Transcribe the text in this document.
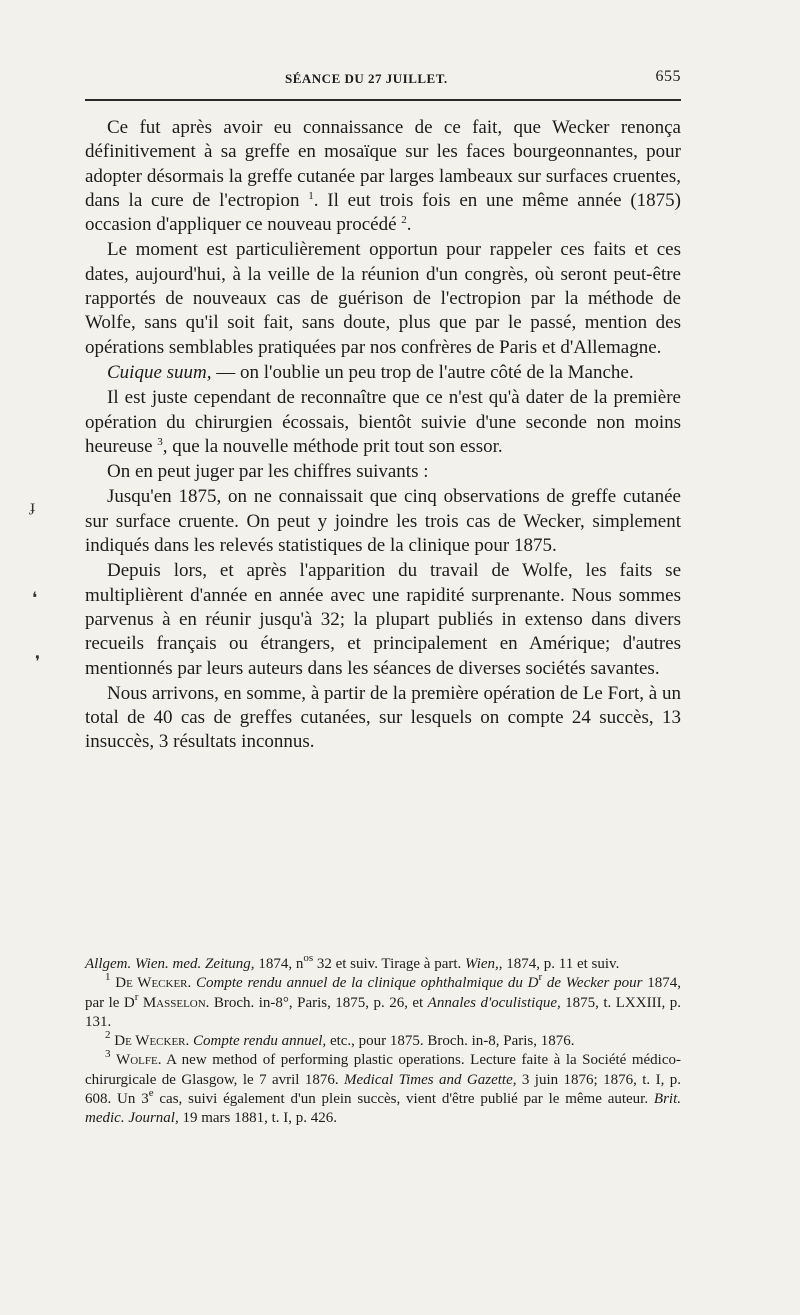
SÉANCE DU 27 JUILLET.	655

Ce fut après avoir eu connaissance de ce fait, que Wecker renonça définitivement à sa greffe en mosaïque sur les faces bourgeonnantes, pour adopter désormais la greffe cutanée par larges lambeaux sur surfaces cruentes, dans la cure de l'ectropion $^1$. Il eut trois fois en une même année (1875) occasion d'appliquer ce nouveau procédé $^2$.

Le moment est particulièrement opportun pour rappeler ces faits et ces dates, aujourd'hui, à la veille de la réunion d'un congrès, où seront peut-être rapportés de nouveaux cas de guérison de l'ectropion par la méthode de Wolfe, sans qu'il soit fait, sans doute, plus que par le passé, mention des opérations semblables pratiquées par nos confrères de Paris et d'Allemagne.

Cuique suum, — on l'oublie un peu trop de l'autre côté de la Manche.

Il est juste cependant de reconnaître que ce n'est qu'à dater de la première opération du chirurgien écossais, bientôt suivie d'une seconde non moins heureuse $^3$, que la nouvelle méthode prit tout son essor.

On en peut juger par les chiffres suivants :

Jusqu'en 1875, on ne connaissait que cinq observations de greffe cutanée sur surface cruente. On peut y joindre les trois cas de Wecker, simplement indiqués dans les relevés statistiques de la clinique pour 1875.

Depuis lors, et après l'apparition du travail de Wolfe, les faits se multiplièrent d'année en année avec une rapidité surprenante. Nous sommes parvenus à en réunir jusqu'à 32; la plupart publiés in extenso dans divers recueils français ou étrangers, et principalement en Amérique; d'autres mentionnés par leurs auteurs dans les séances de diverses sociétés savantes.

Nous arrivons, en somme, à partir de la première opération de Le Fort, à un total de 40 cas de greffes cutanées, sur lesquels on compte 24 succès, 13 insuccès, 3 résultats inconnus.

Allgem. Wien. med. Zeitung, 1874, $n^{os}$ 32 et suiv. Tirage à part. Wien,, 1874, p. 11 et suiv.

$^1$ De Wecker. Compte rendu annuel de la clinique ophthalmique du $D^r$ de Wecker pour 1874, par le $D^r$ Masselon. Broch. in-8°, Paris, 1875, p. 26, et Annales d'oculistique, 1875, t. LXXIII, p. 131.

$^2$ De Wecker. Compte rendu annuel, etc., pour 1875. Broch. in-8, Paris, 1876.

$^3$ Wolfe. A new method of performing plastic operations. Lecture faite à la Société médico-chirurgicale de Glasgow, le 7 avril 1876. Medical Times and Gazette, 3 juin 1876; 1876, t. I, p. 608. Un 3e cas, suivi également d'un plein succès, vient d'être publié par le même auteur. Brit. medic. Journal, 19 mars 1881, t. I, p. 426.

ɟ
❛
❜
